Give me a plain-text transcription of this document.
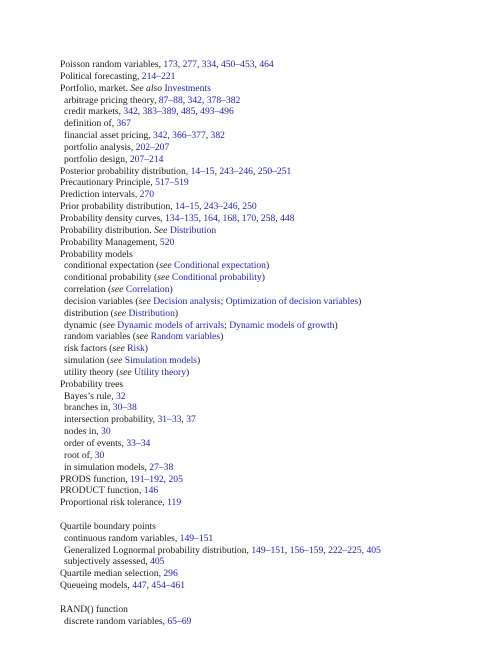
Poisson random variables, 173, 277, 334, 450–453, 464
Political forecasting, 214–221
Portfolio, market. See also Investments
arbitrage pricing theory, 87–88, 342, 378–382
credit markets, 342, 383–389, 485, 493–496
definition of, 367
financial asset pricing, 342, 366–377, 382
portfolio analysis, 202–207
portfolio design, 207–214
Posterior probability distribution, 14–15, 243–246, 250–251
Precautionary Principle, 517–519
Prediction intervals, 270
Prior probability distribution, 14–15, 243–246, 250
Probability density curves, 134–135, 164, 168, 170, 258, 448
Probability distribution. See Distribution
Probability Management, 520
Probability models
conditional expectation (see Conditional expectation)
conditional probability (see Conditional probability)
correlation (see Correlation)
decision variables (see Decision analysis; Optimization of decision variables)
distribution (see Distribution)
dynamic (see Dynamic models of arrivals; Dynamic models of growth)
random variables (see Random variables)
risk factors (see Risk)
simulation (see Simulation models)
utility theory (see Utility theory)
Probability trees
Bayes’s rule, 32
branches in, 30–38
intersection probability, 31–33, 37
nodes in, 30
order of events, 33–34
root of, 30
in simulation models, 27–38
PRODS function, 191–192, 205
PRODUCT function, 146
Proportional risk tolerance, 119
Quartile boundary points
continuous random variables, 149–151
Generalized Lognormal probability distribution, 149–151, 156–159, 222–225, 405
subjectively assessed, 405
Quartile median selection, 296
Queueing models, 447, 454–461
RAND() function
discrete random variables, 65–69
